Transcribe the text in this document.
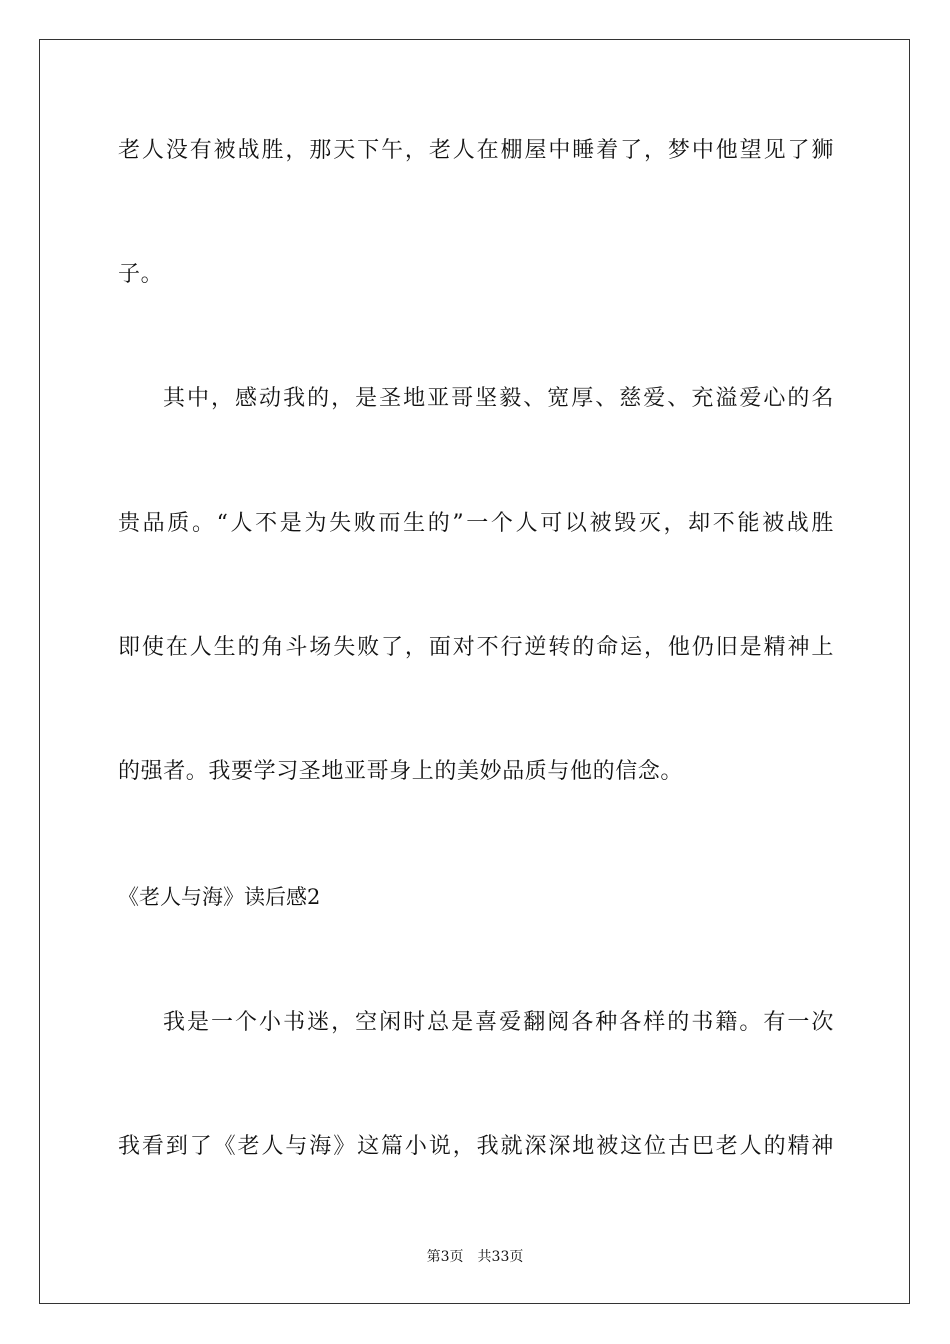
老人没有被战胜，那天下午，老人在棚屋中睡着了，梦中他望见了狮
子。
其中，感动我的，是圣地亚哥坚毅、宽厚、慈爱、充溢爱心的名
贵品质。“人不是为失败而生的”一个人可以被毁灭，却不能被战胜
即使在人生的角斗场失败了，面对不行逆转的命运，他仍旧是精神上
的强者。我要学习圣地亚哥身上的美妙品质与他的信念。
《老人与海》读后感2
我是一个小书迷，空闲时总是喜爱翻阅各种各样的书籍。有一次
我看到了《老人与海》这篇小说，我就深深地被这位古巴老人的精神
第3页 共33页
